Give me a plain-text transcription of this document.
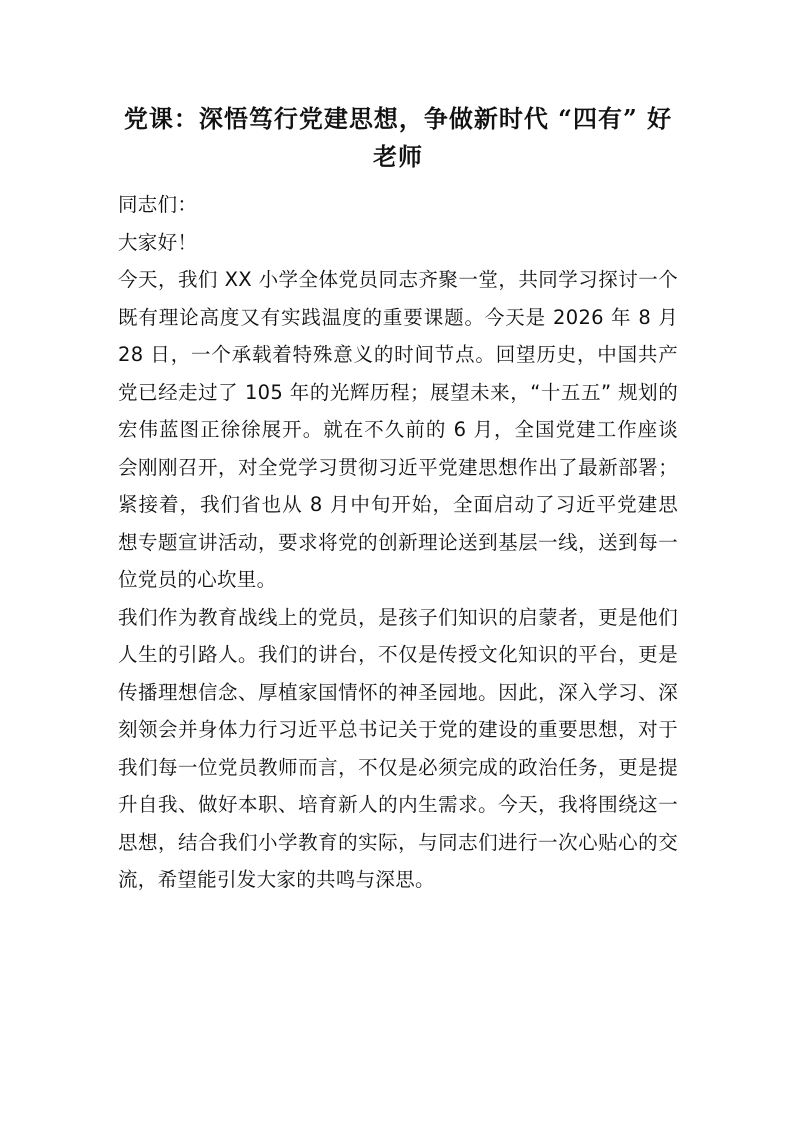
党课：深悟笃行党建思想，争做新时代 “四有” 好老师

同志们：

大家好！

今天，我们 XX 小学全体党员同志齐聚一堂，共同学习探讨一个既有理论高度又有实践温度的重要课题。今天是 2026 年 8 月 28 日，一个承载着特殊意义的时间节点。回望历史，中国共产党已经走过了 105 年的光辉历程；展望未来，“十五五” 规划的宏伟蓝图正徐徐展开。就在不久前的 6 月，全国党建工作座谈会刚刚召开，对全党学习贯彻习近平党建思想作出了最新部署；紧接着，我们省也从 8 月中旬开始，全面启动了习近平党建思想专题宣讲活动，要求将党的创新理论送到基层一线，送到每一位党员的心坎里。

我们作为教育战线上的党员，是孩子们知识的启蒙者，更是他们人生的引路人。我们的讲台，不仅是传授文化知识的平台，更是传播理想信念、厚植家国情怀的神圣园地。因此，深入学习、深刻领会并身体力行习近平总书记关于党的建设的重要思想，对于我们每一位党员教师而言，不仅是必须完成的政治任务，更是提升自我、做好本职、培育新人的内生需求。今天，我将围绕这一思想，结合我们小学教育的实际，与同志们进行一次心贴心的交流，希望能引发大家的共鸣与深思。
